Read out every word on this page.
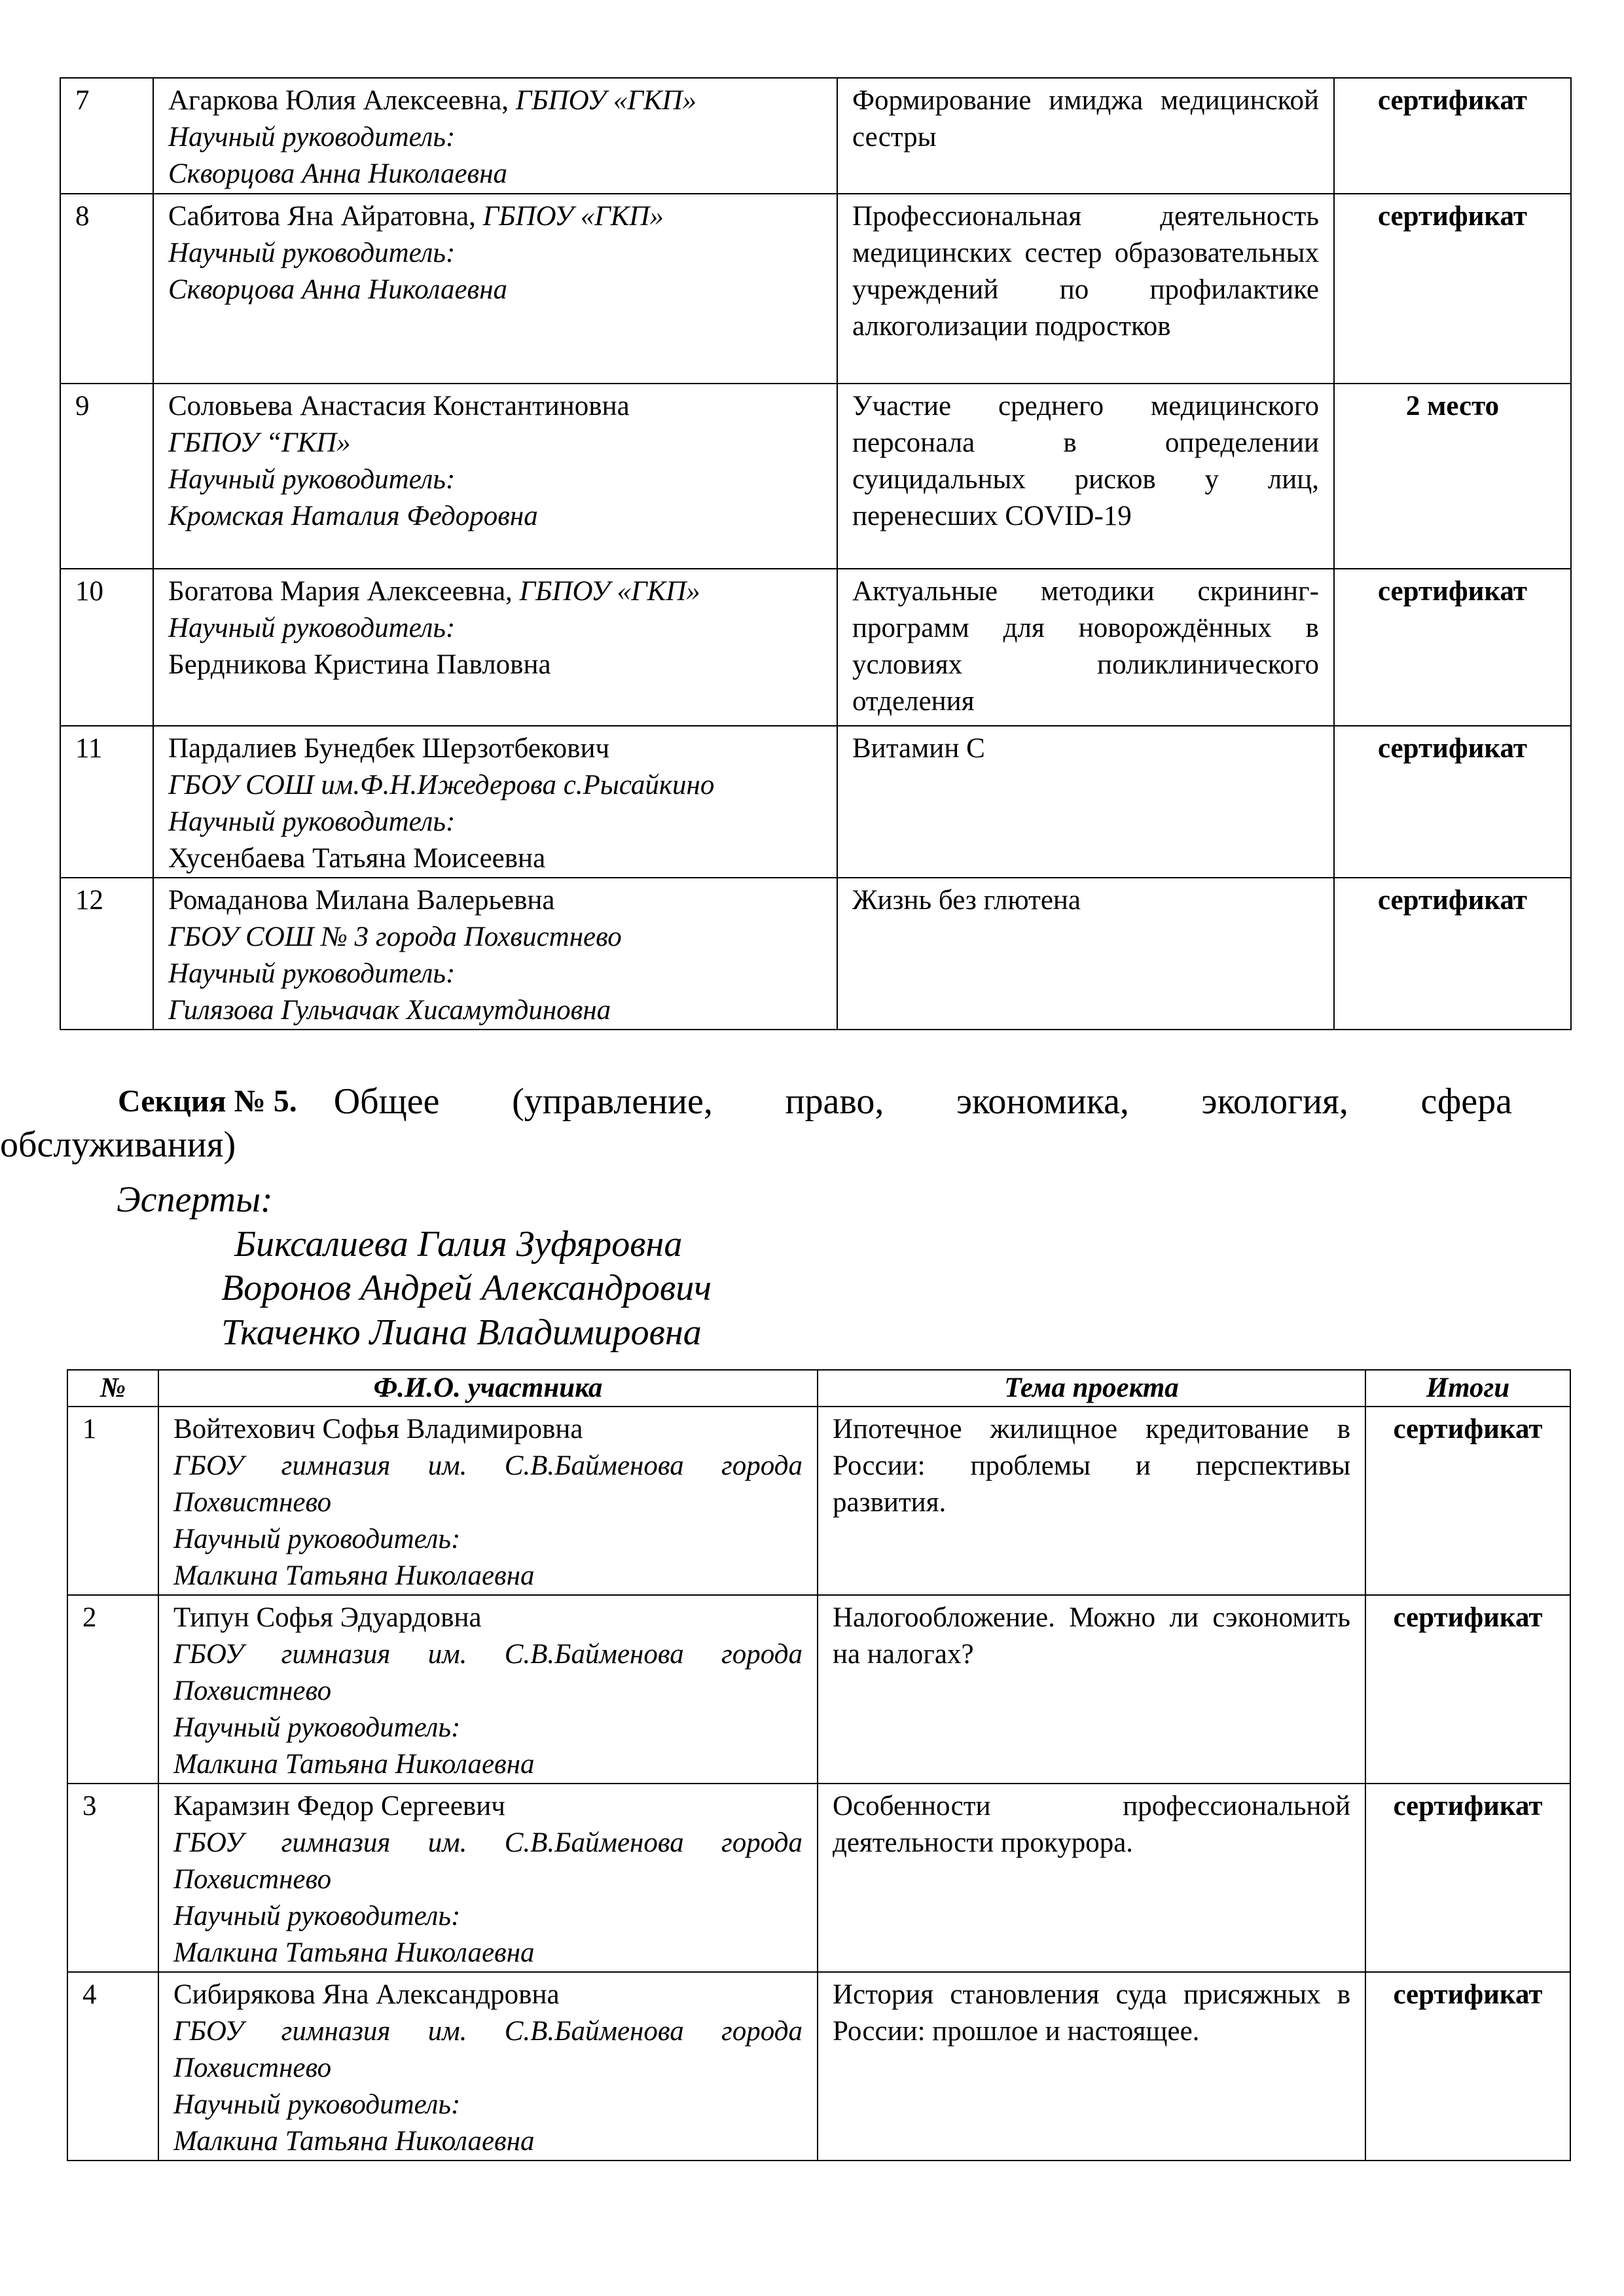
7	Агаркова Юлия Алексеевна, ГБПОУ «ГКП»
Научный руководитель:
Скворцова Анна Николаевна	Формирование имиджа медицинской сестры	сертификат
8	Сабитова Яна Айратовна, ГБПОУ «ГКП»
Научный руководитель:
Скворцова Анна Николаевна	Профессиональная деятельность медицинских сестер образовательных учреждений по профилактике алкоголизации подростков	сертификат
9	Соловьева Анастасия Константиновна
ГБПОУ “ГКП»
Научный руководитель:
Кромская Наталия Федоровна	Участие среднего медицинского персонала в определении суицидальных рисков у лиц, перенесших COVID-19	2 место
10	Богатова Мария Алексеевна, ГБПОУ «ГКП»
Научный руководитель:
Бердникова Кристина Павловна	Актуальные методики скрининг-программ для новорождённых в условиях поликлинического отделения	сертификат
11	Пардалиев Бунедбек Шерзотбекович
ГБОУ СОШ им.Ф.Н.Ижедерова с.Рысайкино
Научный руководитель:
Хусенбаева Татьяна Моисеевна	Витамин С	сертификат
12	Ромаданова Милана Валерьевна
ГБОУ СОШ № 3 города Похвистнево
Научный руководитель:
Гилязова Гульчачак Хисамутдиновна	Жизнь без глютена	сертификат
Секция № 5. Общее (управление, право, экономика, экология, сфера
обслуживания)
Эсперты:
Биксалиева Галия Зуфяровна
Воронов Андрей Александрович
Ткаченко Лиана Владимировна
№	Ф.И.О. участника	Тема проекта	Итоги
1	Войтехович Софья Владимировна

ГБОУ гимназия им. С.В.Байменова города Похвистнево
Научный руководитель:
Малкина Татьяна Николаевна	Ипотечное жилищное кредитование в России: проблемы и перспективы развития.	сертификат
2	Типун Софья Эдуардовна

ГБОУ гимназия им. С.В.Байменова города Похвистнево
Научный руководитель:
Малкина Татьяна Николаевна	Налогообложение. Можно ли сэкономить на налогах?	сертификат
3	Карамзин Федор Сергеевич

ГБОУ гимназия им. С.В.Байменова города Похвистнево
Научный руководитель:
Малкина Татьяна Николаевна	Особенности профессиональной деятельности прокурора.	сертификат
4	Сибирякова Яна Александровна

ГБОУ гимназия им. С.В.Байменова города Похвистнево
Научный руководитель:
Малкина Татьяна Николаевна	История становления суда присяжных в России: прошлое и настоящее.	сертификат
